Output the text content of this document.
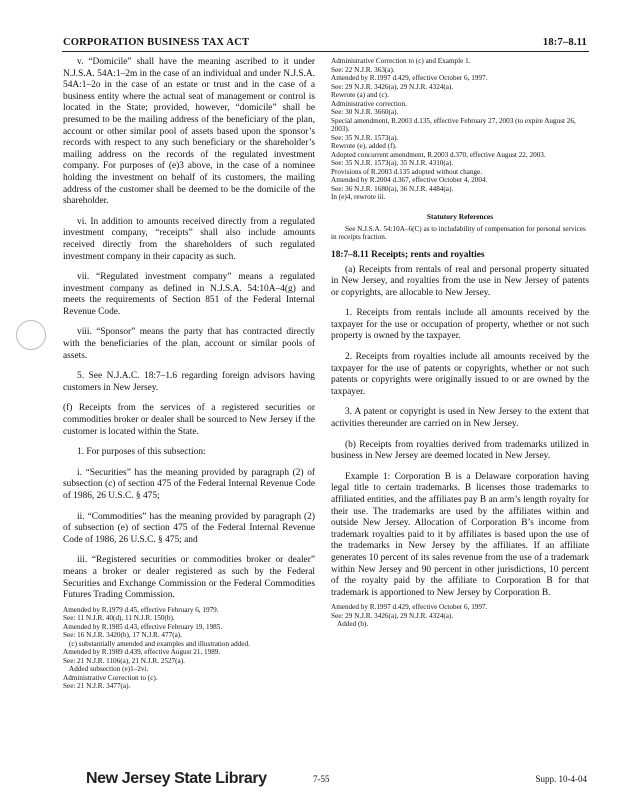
CORPORATION BUSINESS TAX ACT	18:7–8.11

v. “Domicile” shall have the meaning ascribed to it under N.J.S.A. 54A:1–2m in the case of an individual and under N.J.S.A. 54A:1–2o in the case of an estate or trust and in the case of a business entity where the actual seat of management or control is located in the State; provided, however, “domicile” shall be presumed to be the mailing address of the beneficiary of the plan, account or other similar pool of assets based upon the sponsor’s records with respect to any such beneficiary or the shareholder’s mailing address on the records of the regulated investment company. For purposes of (e)3 above, in the case of a nominee holding the investment on behalf of its customers, the mailing address of the customer shall be deemed to be the domicile of the shareholder.

vi. In addition to amounts received directly from a regulated investment company, “receipts” shall also include amounts received directly from the shareholders of such regulated investment company in their capacity as such.

vii. “Regulated investment company” means a regulated investment company as defined in N.J.S.A. 54:10A–4(g) and meets the requirements of Section 851 of the Federal Internal Revenue Code.

viii. “Sponsor” means the party that has contracted directly with the beneficiaries of the plan, account or similar pools of assets.

5. See N.J.A.C. 18:7–1.6 regarding foreign advisors having customers in New Jersey.

(f) Receipts from the services of a registered securities or commodities broker or dealer shall be sourced to New Jersey if the customer is located within the State.

1. For purposes of this subsection:

i. “Securities” has the meaning provided by paragraph (2) of subsection (c) of section 475 of the Federal Internal Revenue Code of 1986, 26 U.S.C. § 475;

ii. “Commodities” has the meaning provided by paragraph (2) of subsection (e) of section 475 of the Federal Internal Revenue Code of 1986, 26 U.S.C. § 475; and

iii. “Registered securities or commodities broker or dealer” means a broker or dealer registered as such by the Federal Securities and Exchange Commission or the Federal Commodities Futures Trading Commission.

Amended by R.1979 d.45, effective February 6, 1979.

See: 11 N.J.R. 40(d), 11 N.J.R. 150(b).

Amended by R.1985 d.43, effective February 19, 1985.

See: 16 N.J.R. 3420(b), 17 N.J.R. 477(a).

(c) substantially amended and examples and illustration added.

Amended by R.1989 d.439, effective August 21, 1989.

See: 21 N.J.R. 1106(a), 21 N.J.R. 2527(a).

Added subsection (e)1–2vi.

Administrative Correction to (c).

See: 21 N.J.R. 3477(a).

Administrative Correction to (c) and Example 1.

See: 22 N.J.R. 363(a).

Amended by R.1997 d.429, effective October 6, 1997.

See: 29 N.J.R. 3426(a), 29 N.J.R. 4324(a).

Rewrote (a) and (c).

Administrative correction.

See: 30 N.J.R. 3660(a).

Special amendment, R.2003 d.135, effective February 27, 2003 (to expire August 26, 2003).

See: 35 N.J.R. 1573(a).

Rewrote (e), added (f).

Adopted concurrent amendment, R.2003 d.370, effective August 22, 2003.

See: 35 N.J.R. 1573(a), 35 N.J.R. 4310(a).

Provisions of R.2003 d.135 adopted without change.

Amended by R.2004 d.367, effective October 4, 2004.

See: 36 N.J.R. 1680(a), 36 N.J.R. 4484(a).

In (e)4, rewrote iii.

Statutory References

See N.J.S.A. 54:10A–6(C) as to includability of compensation for personal services in receipts fraction.

18:7–8.11 Receipts; rents and royalties

(a) Receipts from rentals of real and personal property situated in New Jersey, and royalties from the use in New Jersey of patents or copyrights, are allocable to New Jersey.

1. Receipts from rentals include all amounts received by the taxpayer for the use or occupation of property, whether or not such property is owned by the taxpayer.

2. Receipts from royalties include all amounts received by the taxpayer for the use of patents or copyrights, whether or not such patents or copyrights were originally issued to or are owned by the taxpayer.

3. A patent or copyright is used in New Jersey to the extent that activities thereunder are carried on in New Jersey.

(b) Receipts from royalties derived from trademarks utilized in business in New Jersey are deemed located in New Jersey.

Example 1: Corporation B is a Delaware corporation having legal title to certain trademarks. B licenses those trademarks to affiliated entities, and the affiliates pay B an arm’s length royalty for their use. The trademarks are used by the affiliates within and outside New Jersey. Allocation of Corporation B’s income from trademark royalties paid to it by affiliates is based upon the use of the trademarks in New Jersey by the affiliates. If an affiliate generates 10 percent of its sales revenue from the use of a trademark within New Jersey and 90 percent in other jurisdictions, 10 percent of the royalty paid by the affiliate to Corporation B for that trademark is apportioned to New Jersey by Corporation B.

Amended by R.1997 d.429, effective October 6, 1997.

See: 29 N.J.R. 3426(a), 29 N.J.R. 4324(a).

Added (b).

New Jersey State Library	7-55	Supp. 10-4-04
